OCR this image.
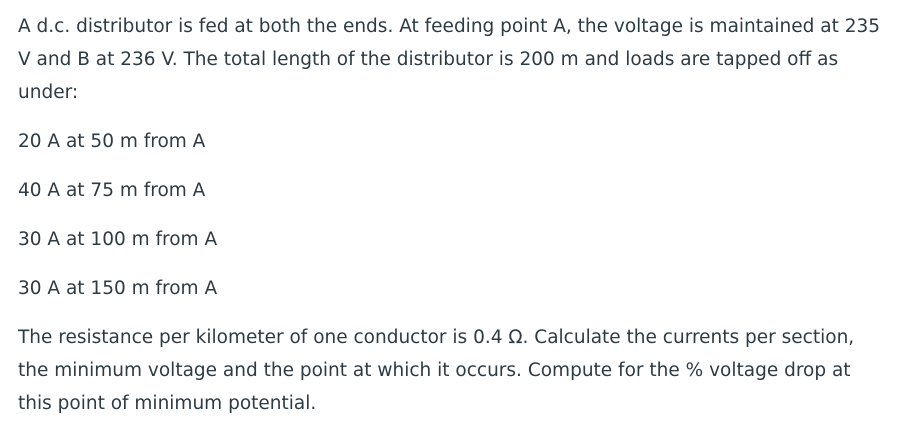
A d.c. distributor is fed at both the ends. At feeding point A, the voltage is maintained at 235 V and B at 236 V. The total length of the distributor is 200 m and loads are tapped off as under:

20 A at 50 m from A
40 A at 75 m from A
30 A at 100 m from A
30 A at 150 m from A

The resistance per kilometer of one conductor is 0.4 Ω. Calculate the currents per section, the minimum voltage and the point at which it occurs. Compute for the % voltage drop at this point of minimum potential.
